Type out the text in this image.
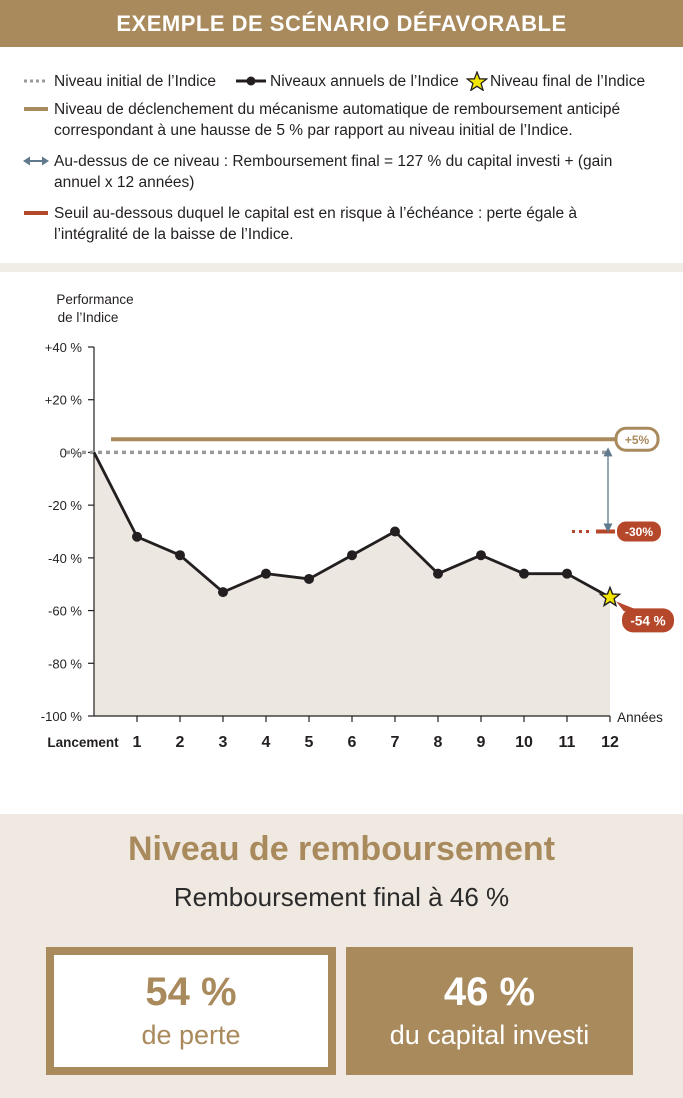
EXEMPLE DE SCÉNARIO DÉFAVORABLE
Niveau initial de l’Indice	Niveaux annuels de l’Indice	Niveau final de l’Indice
Niveau de déclenchement du mécanisme automatique de remboursement anticipé correspondant à une hausse de 5 % par rapport au niveau initial de l’Indice.
Au-dessus de ce niveau : Remboursement final = 127 % du capital investi + (gain annuel x 12 années)
Seuil au-dessous duquel le capital est en risque à l’échéance : perte égale à l’intégralité de la baisse de l’Indice.
Performance
de l’Indice
+40 %
+20 %
0 %
-20 %
-40 %
-60 %
-80 %
-100 %
Lancement 1 2 3 4 5 6 7 8 9 10 11 12
Années
+5%
-30%
-54 %
Niveau de remboursement
Remboursement final à 46 %
54 %
de perte
46 %
du capital investi
